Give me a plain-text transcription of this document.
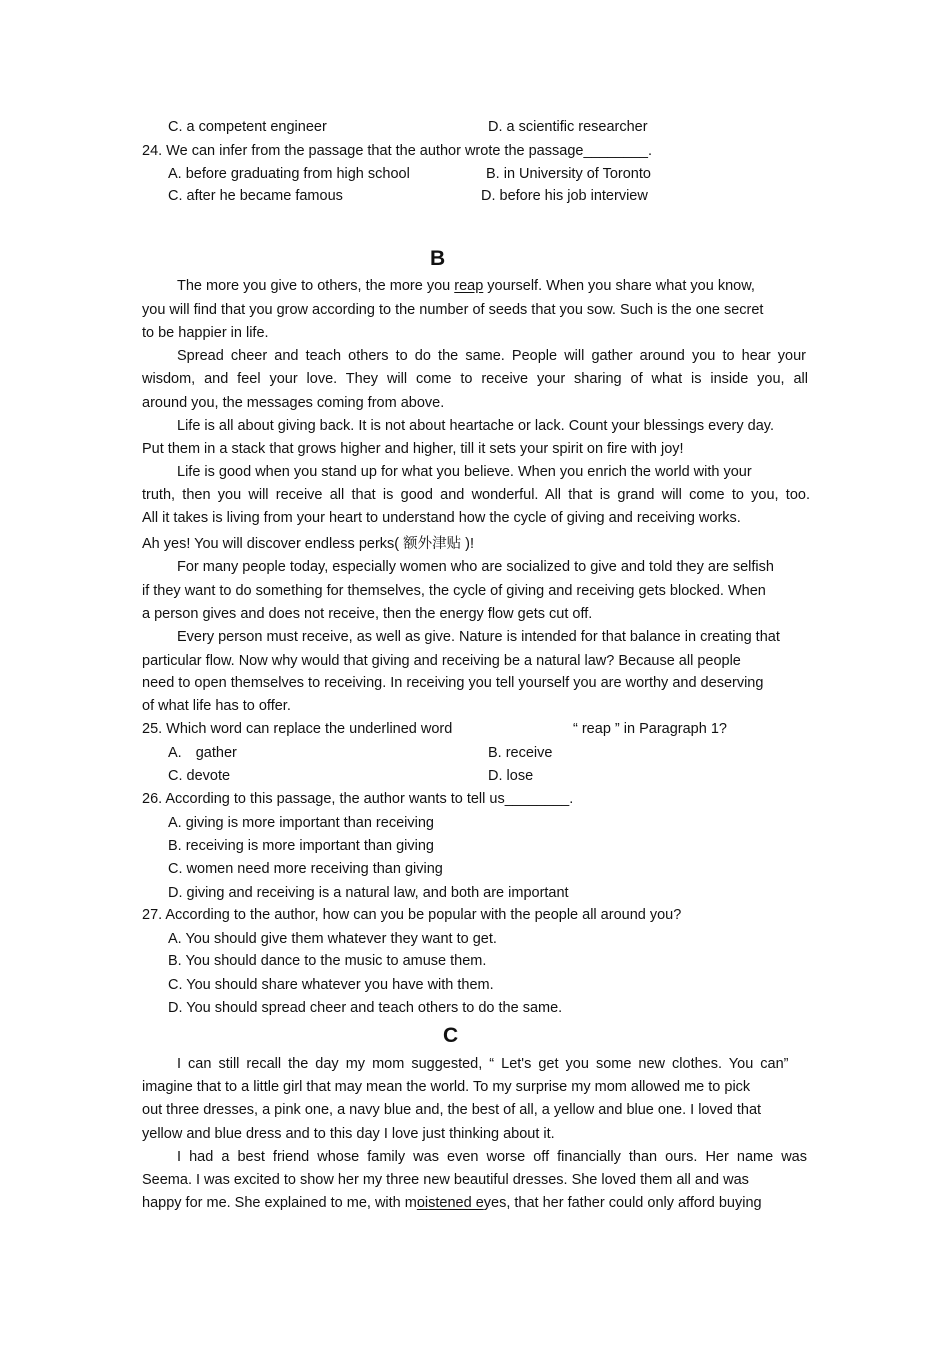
C. a competent engineer	D. a scientific researcher
24. We can infer from the passage that the author wrote the passage________.
A. before graduating from high school	B. in University of Toronto
C. after he became famous	D. before his job interview
B
The more you give to others, the more you reap yourself. When you share what you know,
you will find that you grow according to the number of seeds that you sow. Such is the one secret
to be happier in life.
Spread cheer and teach others to do the same. People will gather around you to hear your
wisdom, and feel your love. They will come to receive your sharing of what is inside you, all
around you, the messages coming from above.
Life is all about giving back. It is not about heartache or lack. Count your blessings every day.
Put them in a stack that grows higher and higher, till it sets your spirit on fire with joy!
Life is good when you stand up for what you believe. When you enrich the world with your
truth, then you will receive all that is good and wonderful. All that is grand will come to you, too.
All it takes is living from your heart to understand how the cycle of giving and receiving works.
Ah yes! You will discover endless perks( 额外津贴 )!
For many people today, especially women who are socialized to give and told they are selfish
if they want to do something for themselves, the cycle of giving and receiving gets blocked. When
a person gives and does not receive, then the energy flow gets cut off.
Every person must receive, as well as give. Nature is intended for that balance in creating that
particular flow. Now why would that giving and receiving be a natural law? Because all people
need to open themselves to receiving. In receiving you tell yourself you are worthy and deserving
of what life has to offer.
25. Which word can replace the underlined word	“ reap ” in Paragraph 1?
A. gather	B. receive
C. devote	D. lose
26. According to this passage, the author wants to tell us________.
A. giving is more important than receiving
B. receiving is more important than giving
C. women need more receiving than giving
D. giving and receiving is a natural law, and both are important
27. According to the author, how can you be popular with the people all around you?
A. You should give them whatever they want to get.
B. You should dance to the music to amuse them.
C. You should share whatever you have with them.
D. You should spread cheer and teach others to do the same.
C
I can still recall the day my mom suggested, “ Let's get you some new clothes. You can”
imagine that to a little girl that may mean the world. To my surprise my mom allowed me to pick
out three dresses, a pink one, a navy blue and, the best of all, a yellow and blue one. I loved that
yellow and blue dress and to this day I love just thinking about it.
I had a best friend whose family was even worse off financially than ours. Her name was
Seema. I was excited to show her my three new beautiful dresses. She loved them all and was
happy for me. She explained to me, with moistened eyes, that her father could only afford buying
